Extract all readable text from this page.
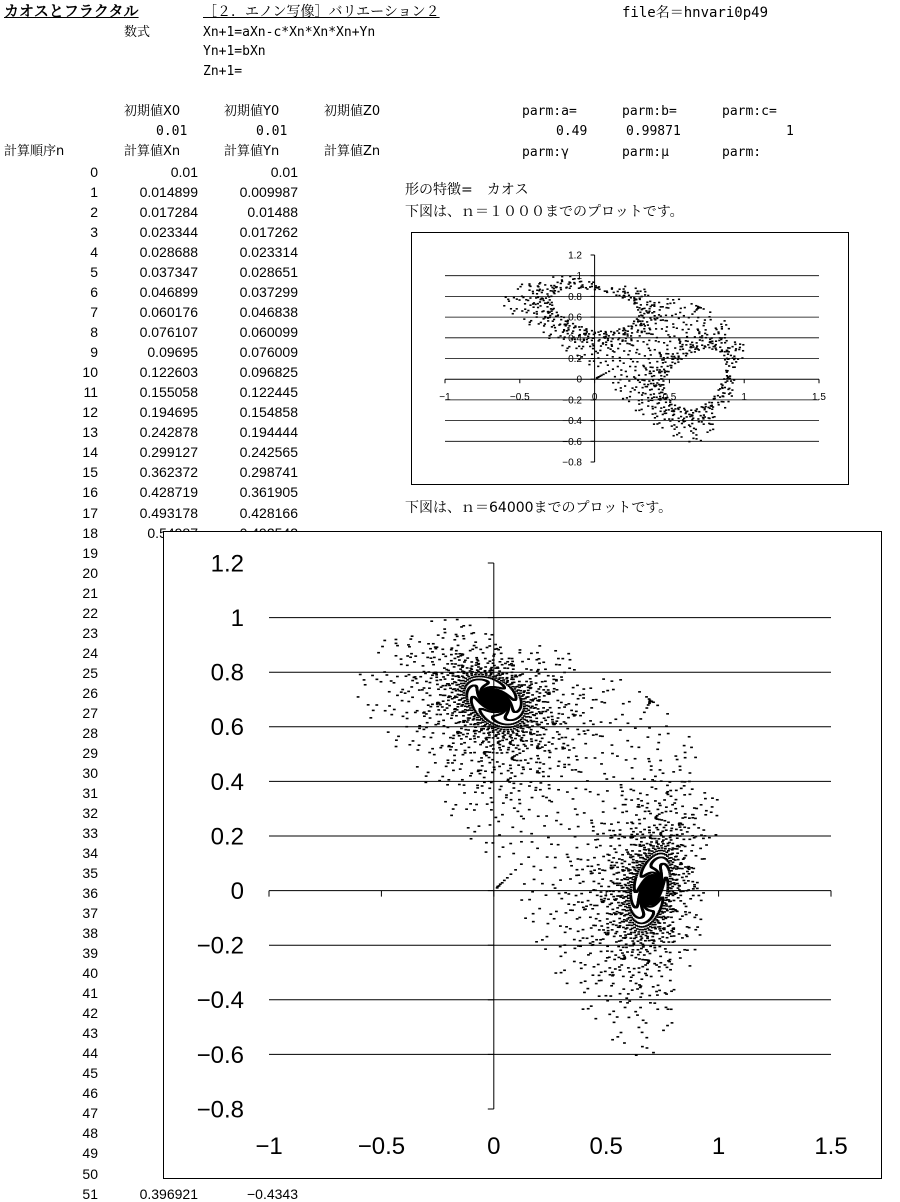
カオスとフラクタル	［２．エノン写像］バリエーション２	file名＝hnvari0p49
数式	Xn+1=aXn-c*Xn*Xn*Xn+Yn
Yn+1=bXn
Zn+1=
初期値X0	初期値Y0	初期値Z0
0.01	0.01
parm:a=	parm:b=	parm:c=
0.49	0.99871	1
parm:γ	parm:μ	parm:
計算順序n	計算値Xn	計算値Yn	計算値Zn
0	0.01	0.01
1	0.014899	0.009987
2	0.017284	0.01488
3	0.023344	0.017262
4	0.028688	0.023314
5	0.037347	0.028651
6	0.046899	0.037299
7	0.060176	0.046838
8	0.076107	0.060099
9	0.09695	0.076009
10	0.122603	0.096825
11	0.155058	0.122445
12	0.194695	0.154858
13	0.242878	0.194444
14	0.299127	0.242565
15	0.362372	0.298741
16	0.428719	0.361905
17	0.493178	0.428166
18
19
20
21
22
23
24
25
26
27
28
29
30
31
32
33
34
35
36
37
38
39
40
41
42
43
44
45
46
47
48
49
50
51	0.396921	−0.4343
形の特徴=　カオス
下図は、ｎ＝１０００までのプロットです。
下図は、ｎ＝64000までのプロットです。
−1	−0.5	0	0.5	1	1.5
1.2
1
0.8
0.6
0.4
0.2
0
−0.2
−0.4
−0.6
−0.8
−1	−0.5	0	0.5	1	1.5
1.2
1
0.8
0.6
0.4
0.2
0
−0.2
−0.4
−0.6
−0.8
